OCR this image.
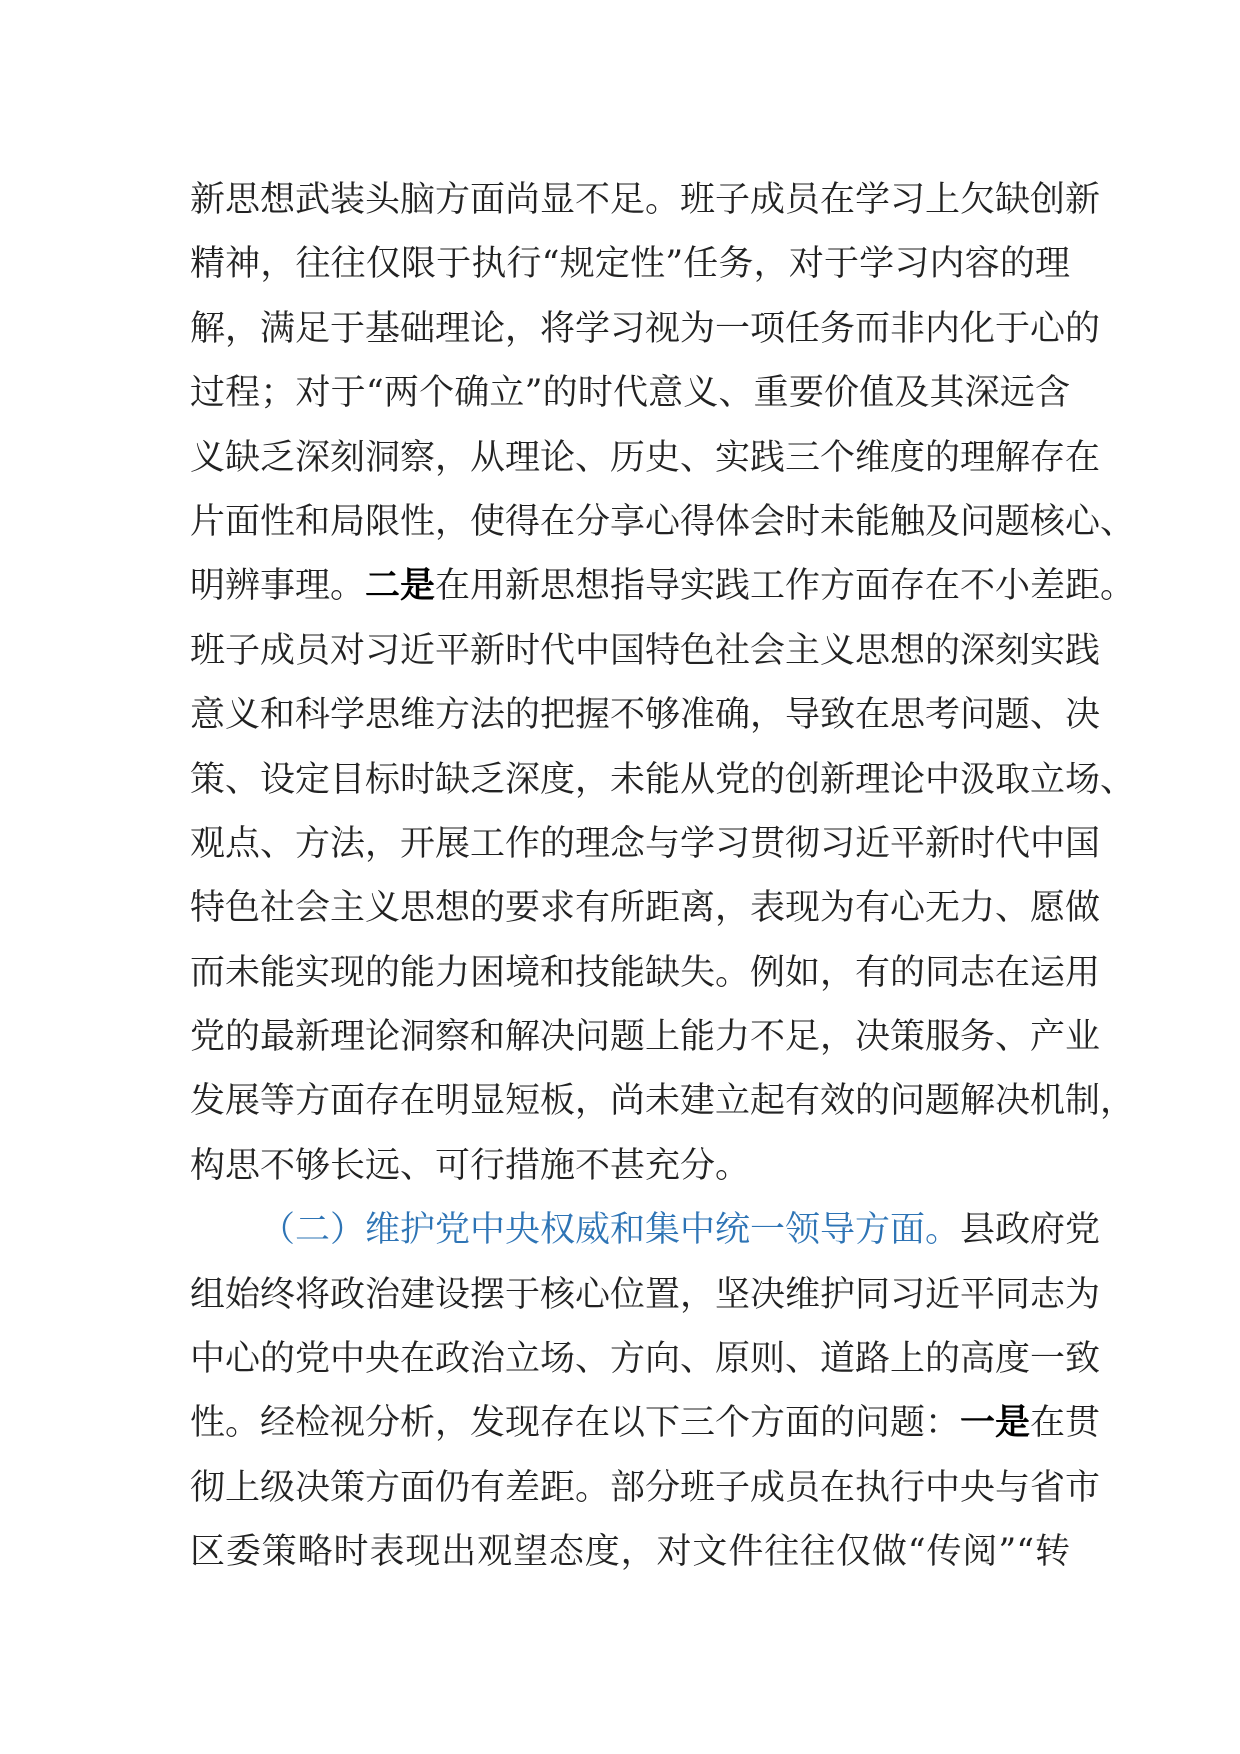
新思想武装头脑方面尚显不足。班子成员在学习上欠缺创新
精神，往往仅限于执行“规定性”任务，对于学习内容的理
解，满足于基础理论，将学习视为一项任务而非内化于心的
过程；对于“两个确立”的时代意义、重要价值及其深远含
义缺乏深刻洞察，从理论、历史、实践三个维度的理解存在
片面性和局限性，使得在分享心得体会时未能触及问题核心、
明辨事理。二是在用新思想指导实践工作方面存在不小差距。
班子成员对习近平新时代中国特色社会主义思想的深刻实践
意义和科学思维方法的把握不够准确，导致在思考问题、决
策、设定目标时缺乏深度，未能从党的创新理论中汲取立场、
观点、方法，开展工作的理念与学习贯彻习近平新时代中国
特色社会主义思想的要求有所距离，表现为有心无力、愿做
而未能实现的能力困境和技能缺失。例如，有的同志在运用
党的最新理论洞察和解决问题上能力不足，决策服务、产业
发展等方面存在明显短板，尚未建立起有效的问题解决机制，
构思不够长远、可行措施不甚充分。
（二）维护党中央权威和集中统一领导方面。县政府党
组始终将政治建设摆于核心位置，坚决维护同习近平同志为
中心的党中央在政治立场、方向、原则、道路上的高度一致
性。经检视分析，发现存在以下三个方面的问题：一是在贯
彻上级决策方面仍有差距。部分班子成员在执行中央与省市
区委策略时表现出观望态度，对文件往往仅做“传阅”“转
